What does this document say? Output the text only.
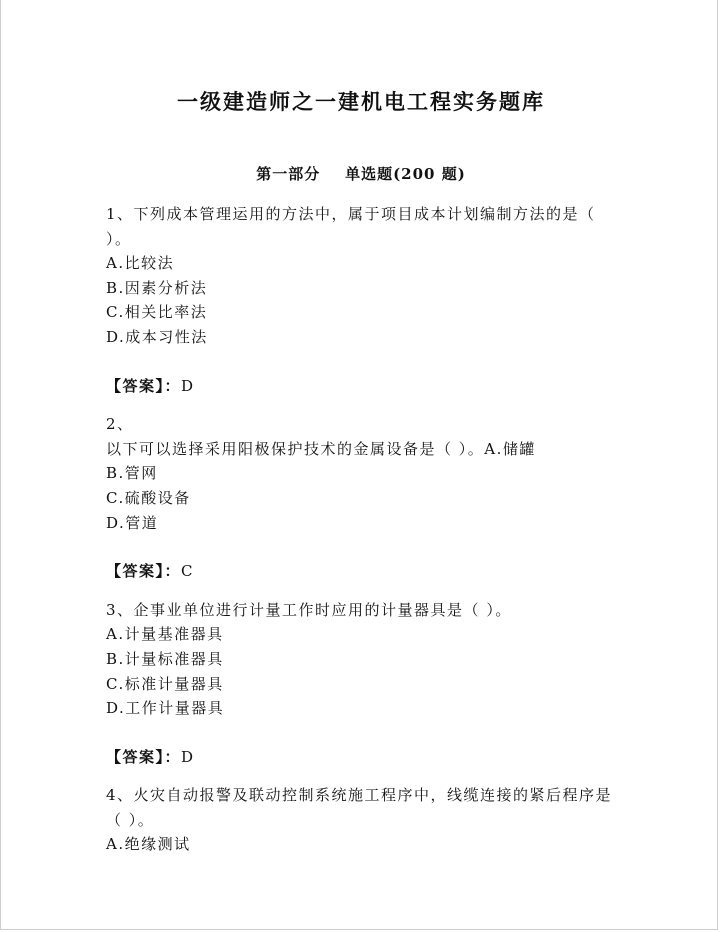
一级建造师之一建机电工程实务题库
第一部分    单选题(200 题)
1、下列成本管理运用的方法中，属于项目成本计划编制方法的是（
）。
A.比较法
B.因素分析法
C.相关比率法
D.成本习性法
【答案】：D
2、
以下可以选择采用阳极保护技术的金属设备是（ ）。A.储罐
B.管网
C.硫酸设备
D.管道
【答案】：C
3、企事业单位进行计量工作时应用的计量器具是（ ）。
A.计量基准器具
B.计量标准器具
C.标准计量器具
D.工作计量器具
【答案】：D
4、火灾自动报警及联动控制系统施工程序中，线缆连接的紧后程序是
（ ）。
A.绝缘测试
